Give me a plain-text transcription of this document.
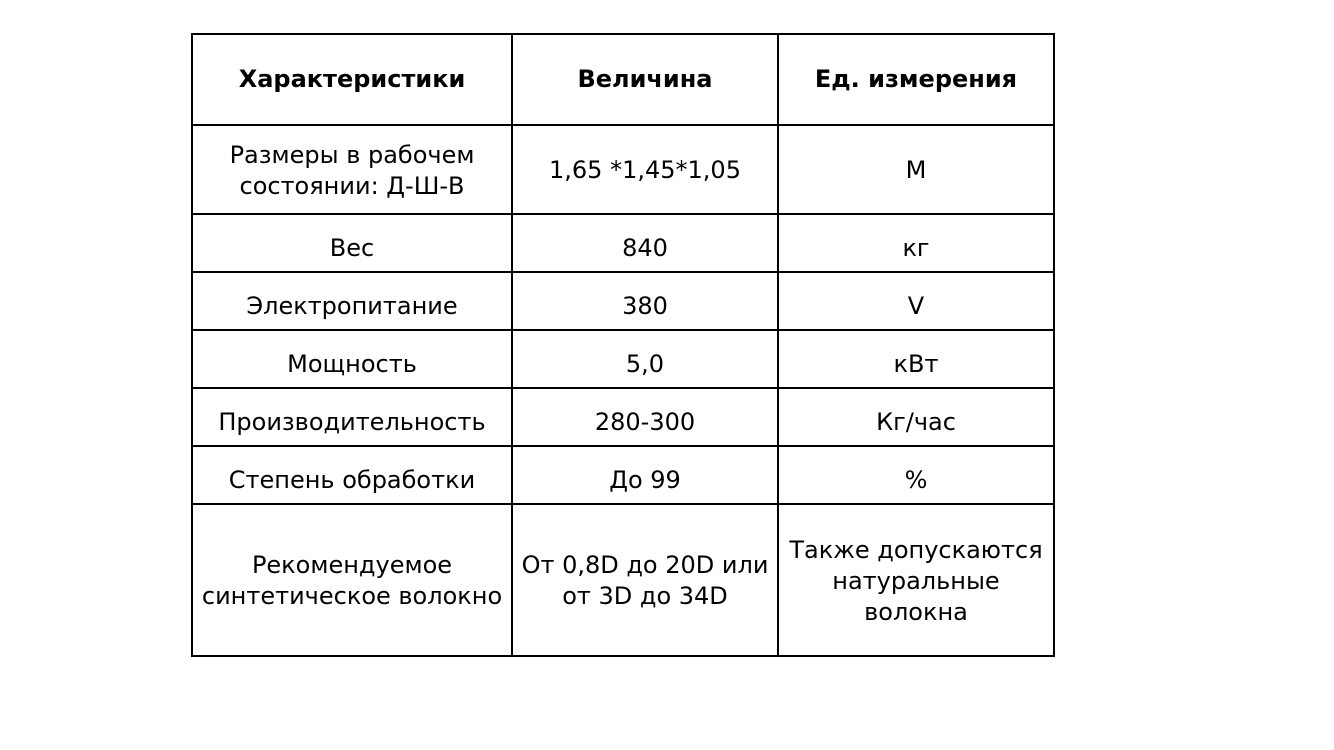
Характеристики	Величина	Ед. измерения
Размеры в рабочем состоянии: Д-Ш-В	1,65 *1,45*1,05	М
Вес	840	кг
Электропитание	380	V
Мощность	5,0	кВт
Производительность	280-300	Кг/час
Степень обработки	До 99	%
Рекомендуемое синтетическое волокно	От 0,8D до 20D или от 3D до 34D	Также допускаются натуральные волокна
